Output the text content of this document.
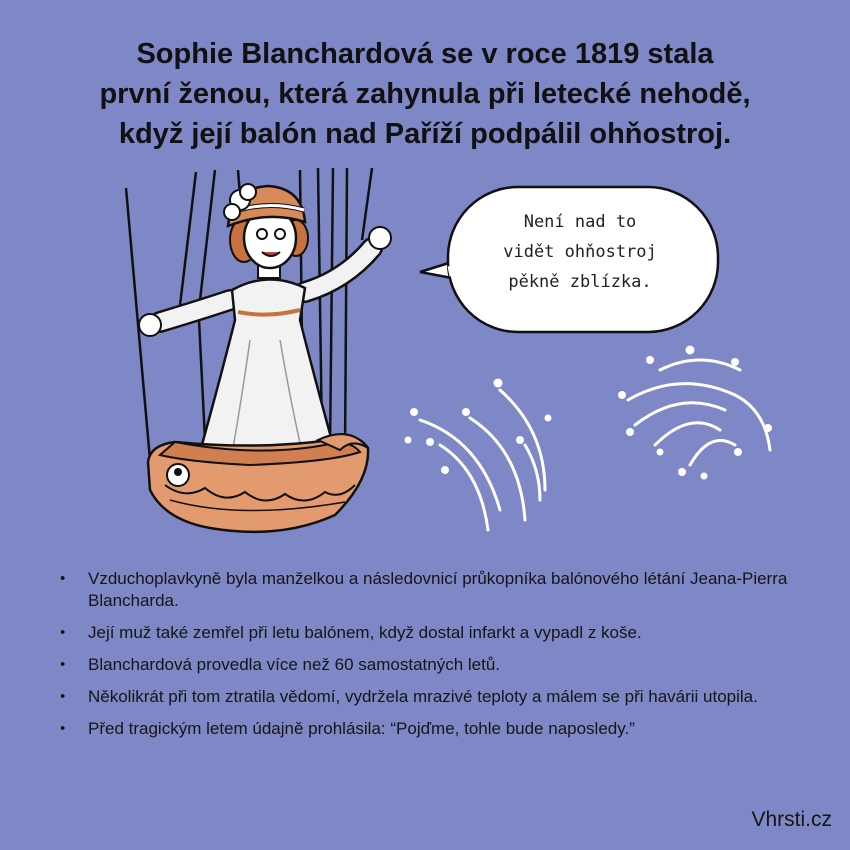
Sophie Blanchardová se v roce 1819 stala
první ženou, která zahynula při letecké nehodě,
když její balón nad Paříží podpálil ohňostroj.
Není nad to
vidět ohňostroj
pěkně zblízka.
• Vzduchoplavkyně byla manželkou a následovnicí průkopníka balónového létání Jeana-Pierra Blancharda.
• Její muž také zemřel při letu balónem, když dostal infarkt a vypadl z koše.
• Blanchardová provedla více než 60 samostatných letů.
• Několikrát při tom ztratila vědomí, vydržela mrazivé teploty a málem se při havárii utopila.
• Před tragickým letem údajně prohlásila: “Pojďme, tohle bude naposledy.”
Vhrsti.cz
